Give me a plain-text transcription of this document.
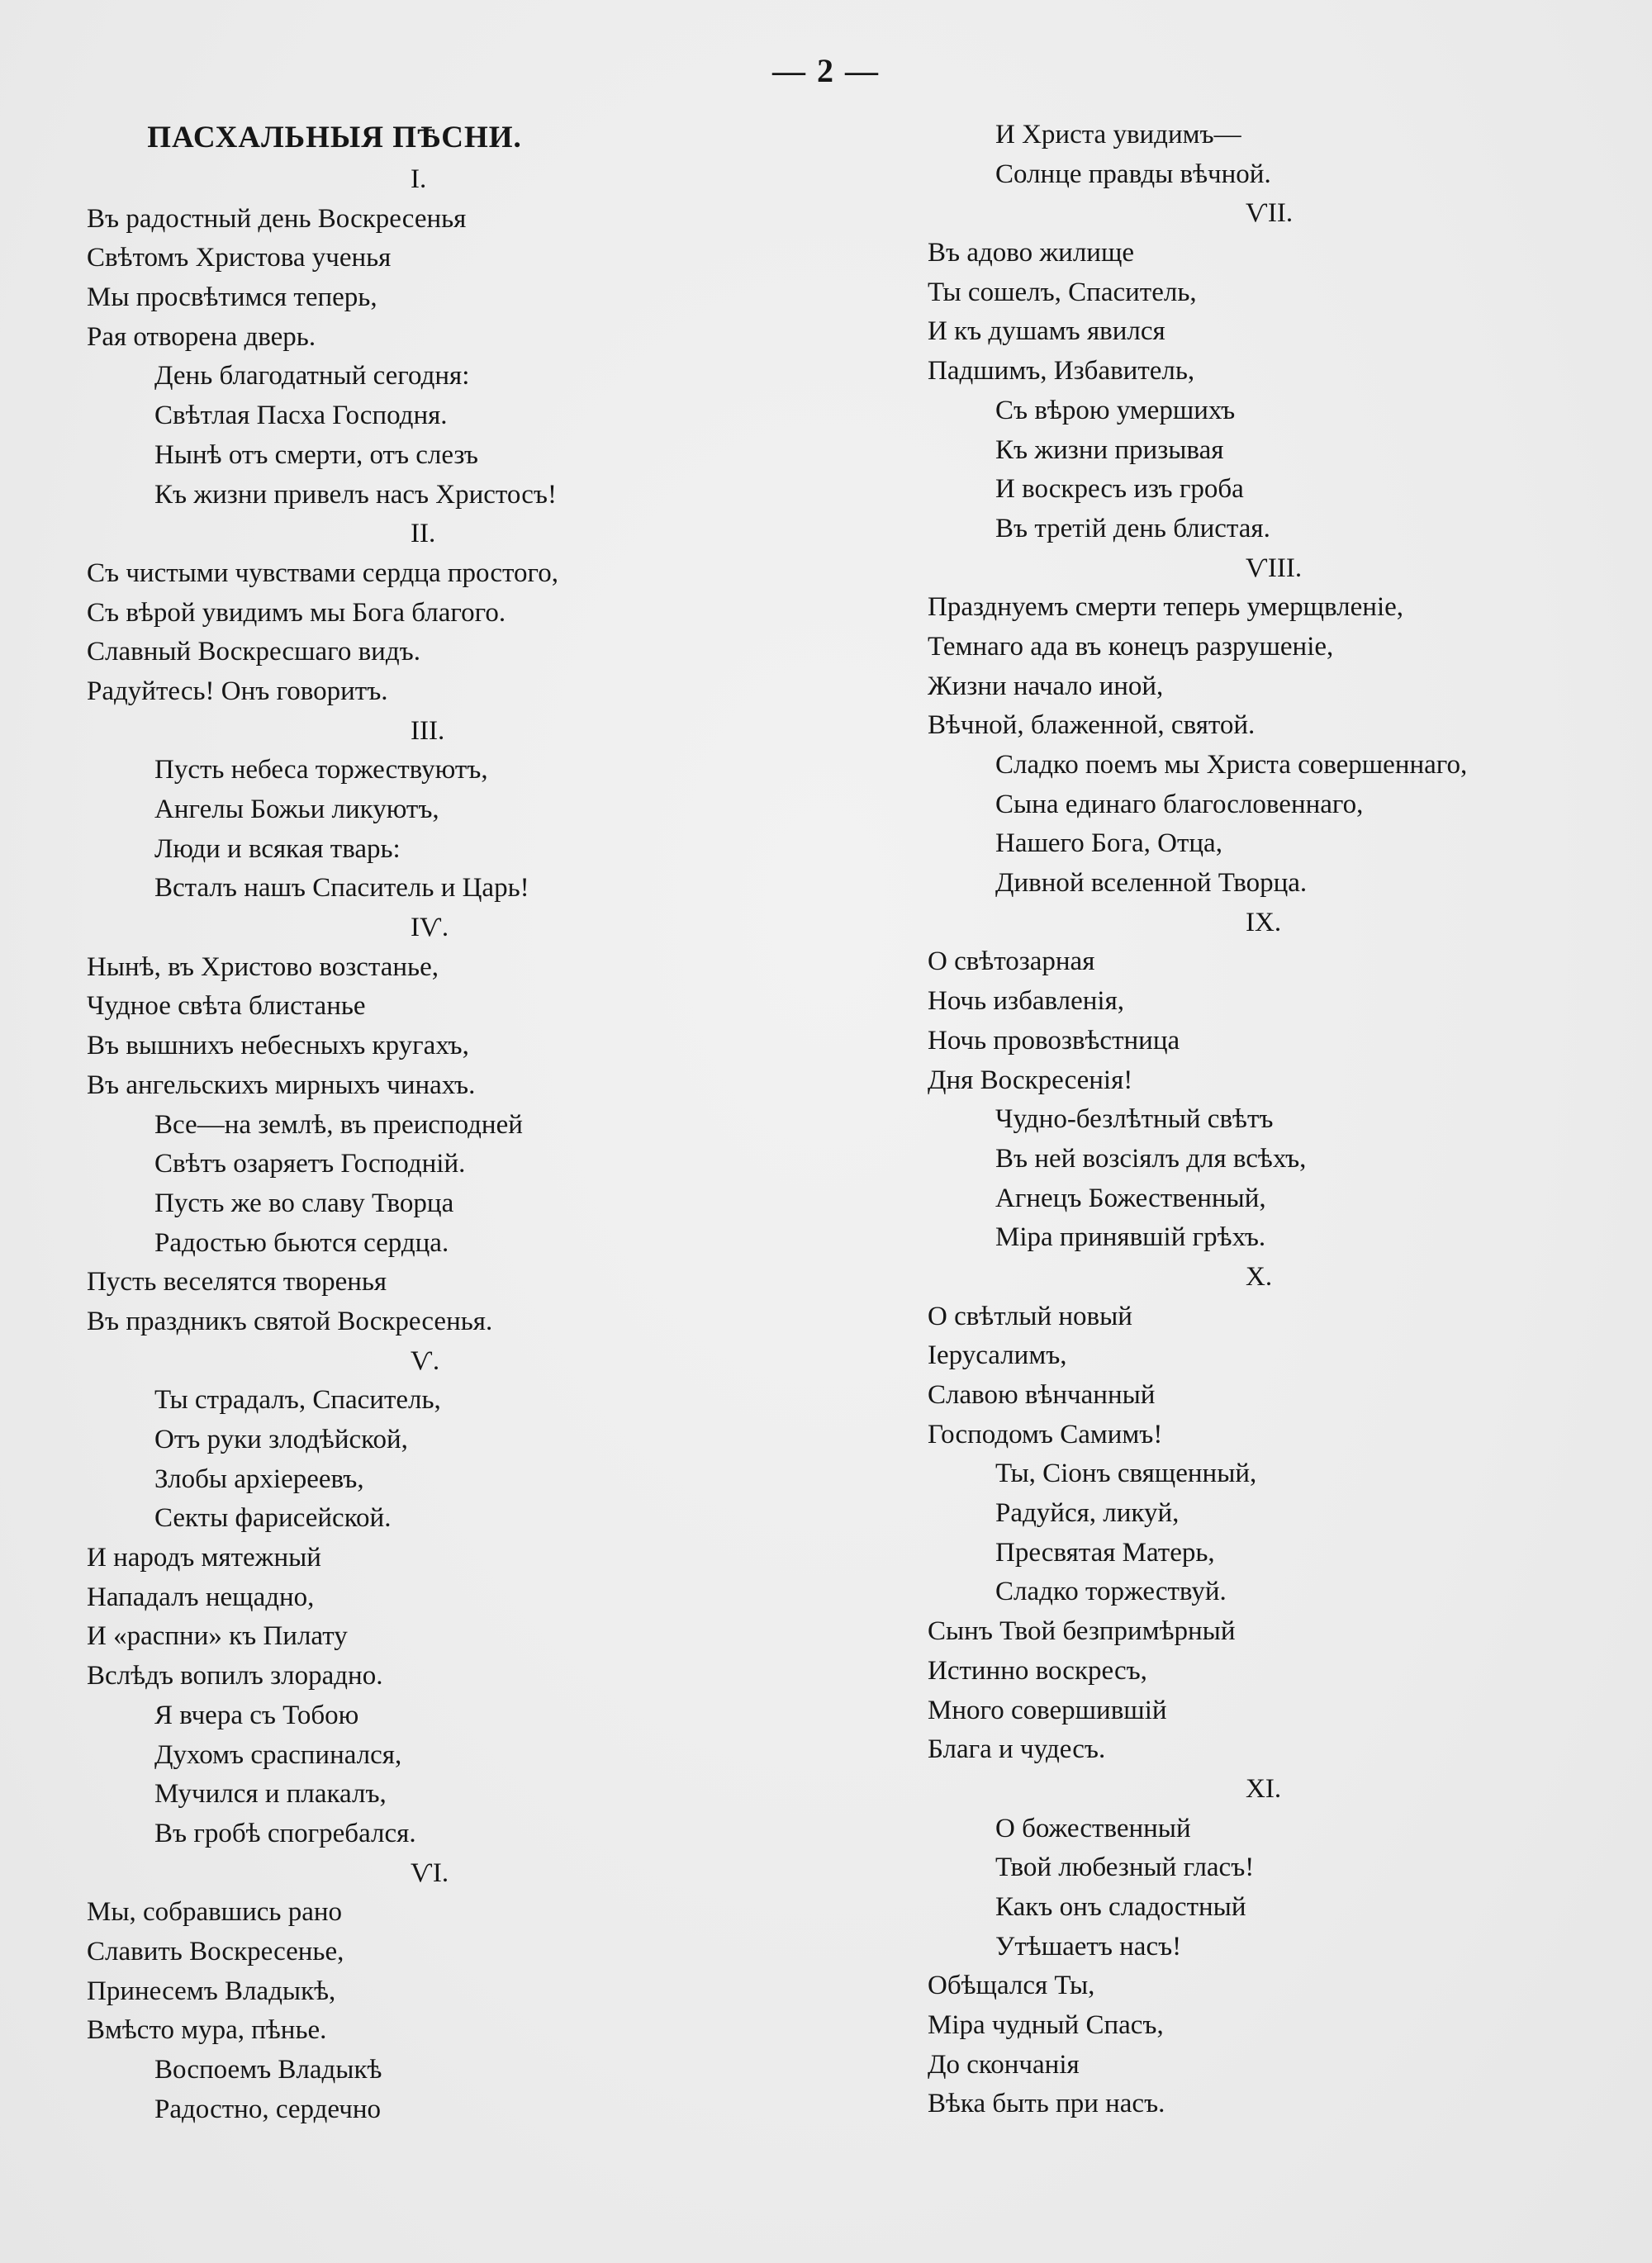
— 2 —
ПАСХАЛЬНЫЯ ПѢСНИ.
I.
Въ радостный день Воскресенья
Свѣтомъ Христова ученья
Мы просвѣтимся теперь,
Рая отворена дверь.
День благодатный сегодня:
Свѣтлая Пасха Господня.
Нынѣ отъ смерти, отъ слезъ
Къ жизни привелъ насъ Христосъ!
II.
Съ чистыми чувствами сердца простого,
Съ вѣрой увидимъ мы Бога благого.
Славный Воскресшаго видъ.
Радуйтесь! Онъ говоритъ.
III.
Пусть небеса торжествуютъ,
Ангелы Божьи ликуютъ,
Люди и всякая тварь:
Всталъ нашъ Спаситель и Царь!
IѴ.
Нынѣ, въ Христово возстанье,
Чудное свѣта блистанье
Въ вышнихъ небесныхъ кругахъ,
Въ ангельскихъ мирныхъ чинахъ.
Все—на землѣ, въ преисподней
Свѣтъ озаряетъ Господній.
Пусть же во славу Творца
Радостью бьются сердца.
Пусть веселятся творенья
Въ праздникъ святой Воскресенья.
Ѵ.
Ты страдалъ, Спаситель,
Отъ руки злодѣйской,
Злобы архіереевъ,
Секты фарисейской.
И народъ мятежный
Нападалъ нещадно,
И «распни» къ Пилату
Вслѣдъ вопилъ злорадно.
Я вчера съ Тобою
Духомъ сраспинался,
Мучился и плакалъ,
Въ гробѣ спогребался.
ѴI.
Мы, собравшись рано
Славить Воскресенье,
Принесемъ Владыкѣ,
Вмѣсто мура, пѣнье.
Воспоемъ Владыкѣ
Радостно, сердечно
И Христа увидимъ—
Солнце правды вѣчной.
ѴII.
Въ адово жилище
Ты сошелъ, Спаситель,
И къ душамъ явился
Падшимъ, Избавитель,
Съ вѣрою умершихъ
Къ жизни призывая
И воскресъ изъ гроба
Въ третій день блистая.
ѴIII.
Празднуемъ смерти теперь умерщвленіе,
Темнаго ада въ конецъ разрушеніе,
Жизни начало иной,
Вѣчной, блаженной, святой.
Сладко поемъ мы Христа совершеннаго,
Сына единаго благословеннаго,
Нашего Бога, Отца,
Дивной вселенной Творца.
IX.
О свѣтозарная
Ночь избавленія,
Ночь провозвѣстница
Дня Воскресенія!
Чудно-безлѣтный свѣтъ
Въ ней возсіялъ для всѣхъ,
Агнецъ Божественный,
Міра принявшій грѣхъ.
X.
О свѣтлый новый
Іерусалимъ,
Славою вѣнчанный
Господомъ Самимъ!
Ты, Сіонъ священный,
Радуйся, ликуй,
Пресвятая Матерь,
Сладко торжествуй.
Сынъ Твой безпримѣрный
Истинно воскресъ,
Много совершившій
Блага и чудесъ.
XI.
О божественный
Твой любезный гласъ!
Какъ онъ сладостный
Утѣшаетъ насъ!
Обѣщался Ты,
Міра чудный Спасъ,
До скончанія
Вѣка быть при насъ.
